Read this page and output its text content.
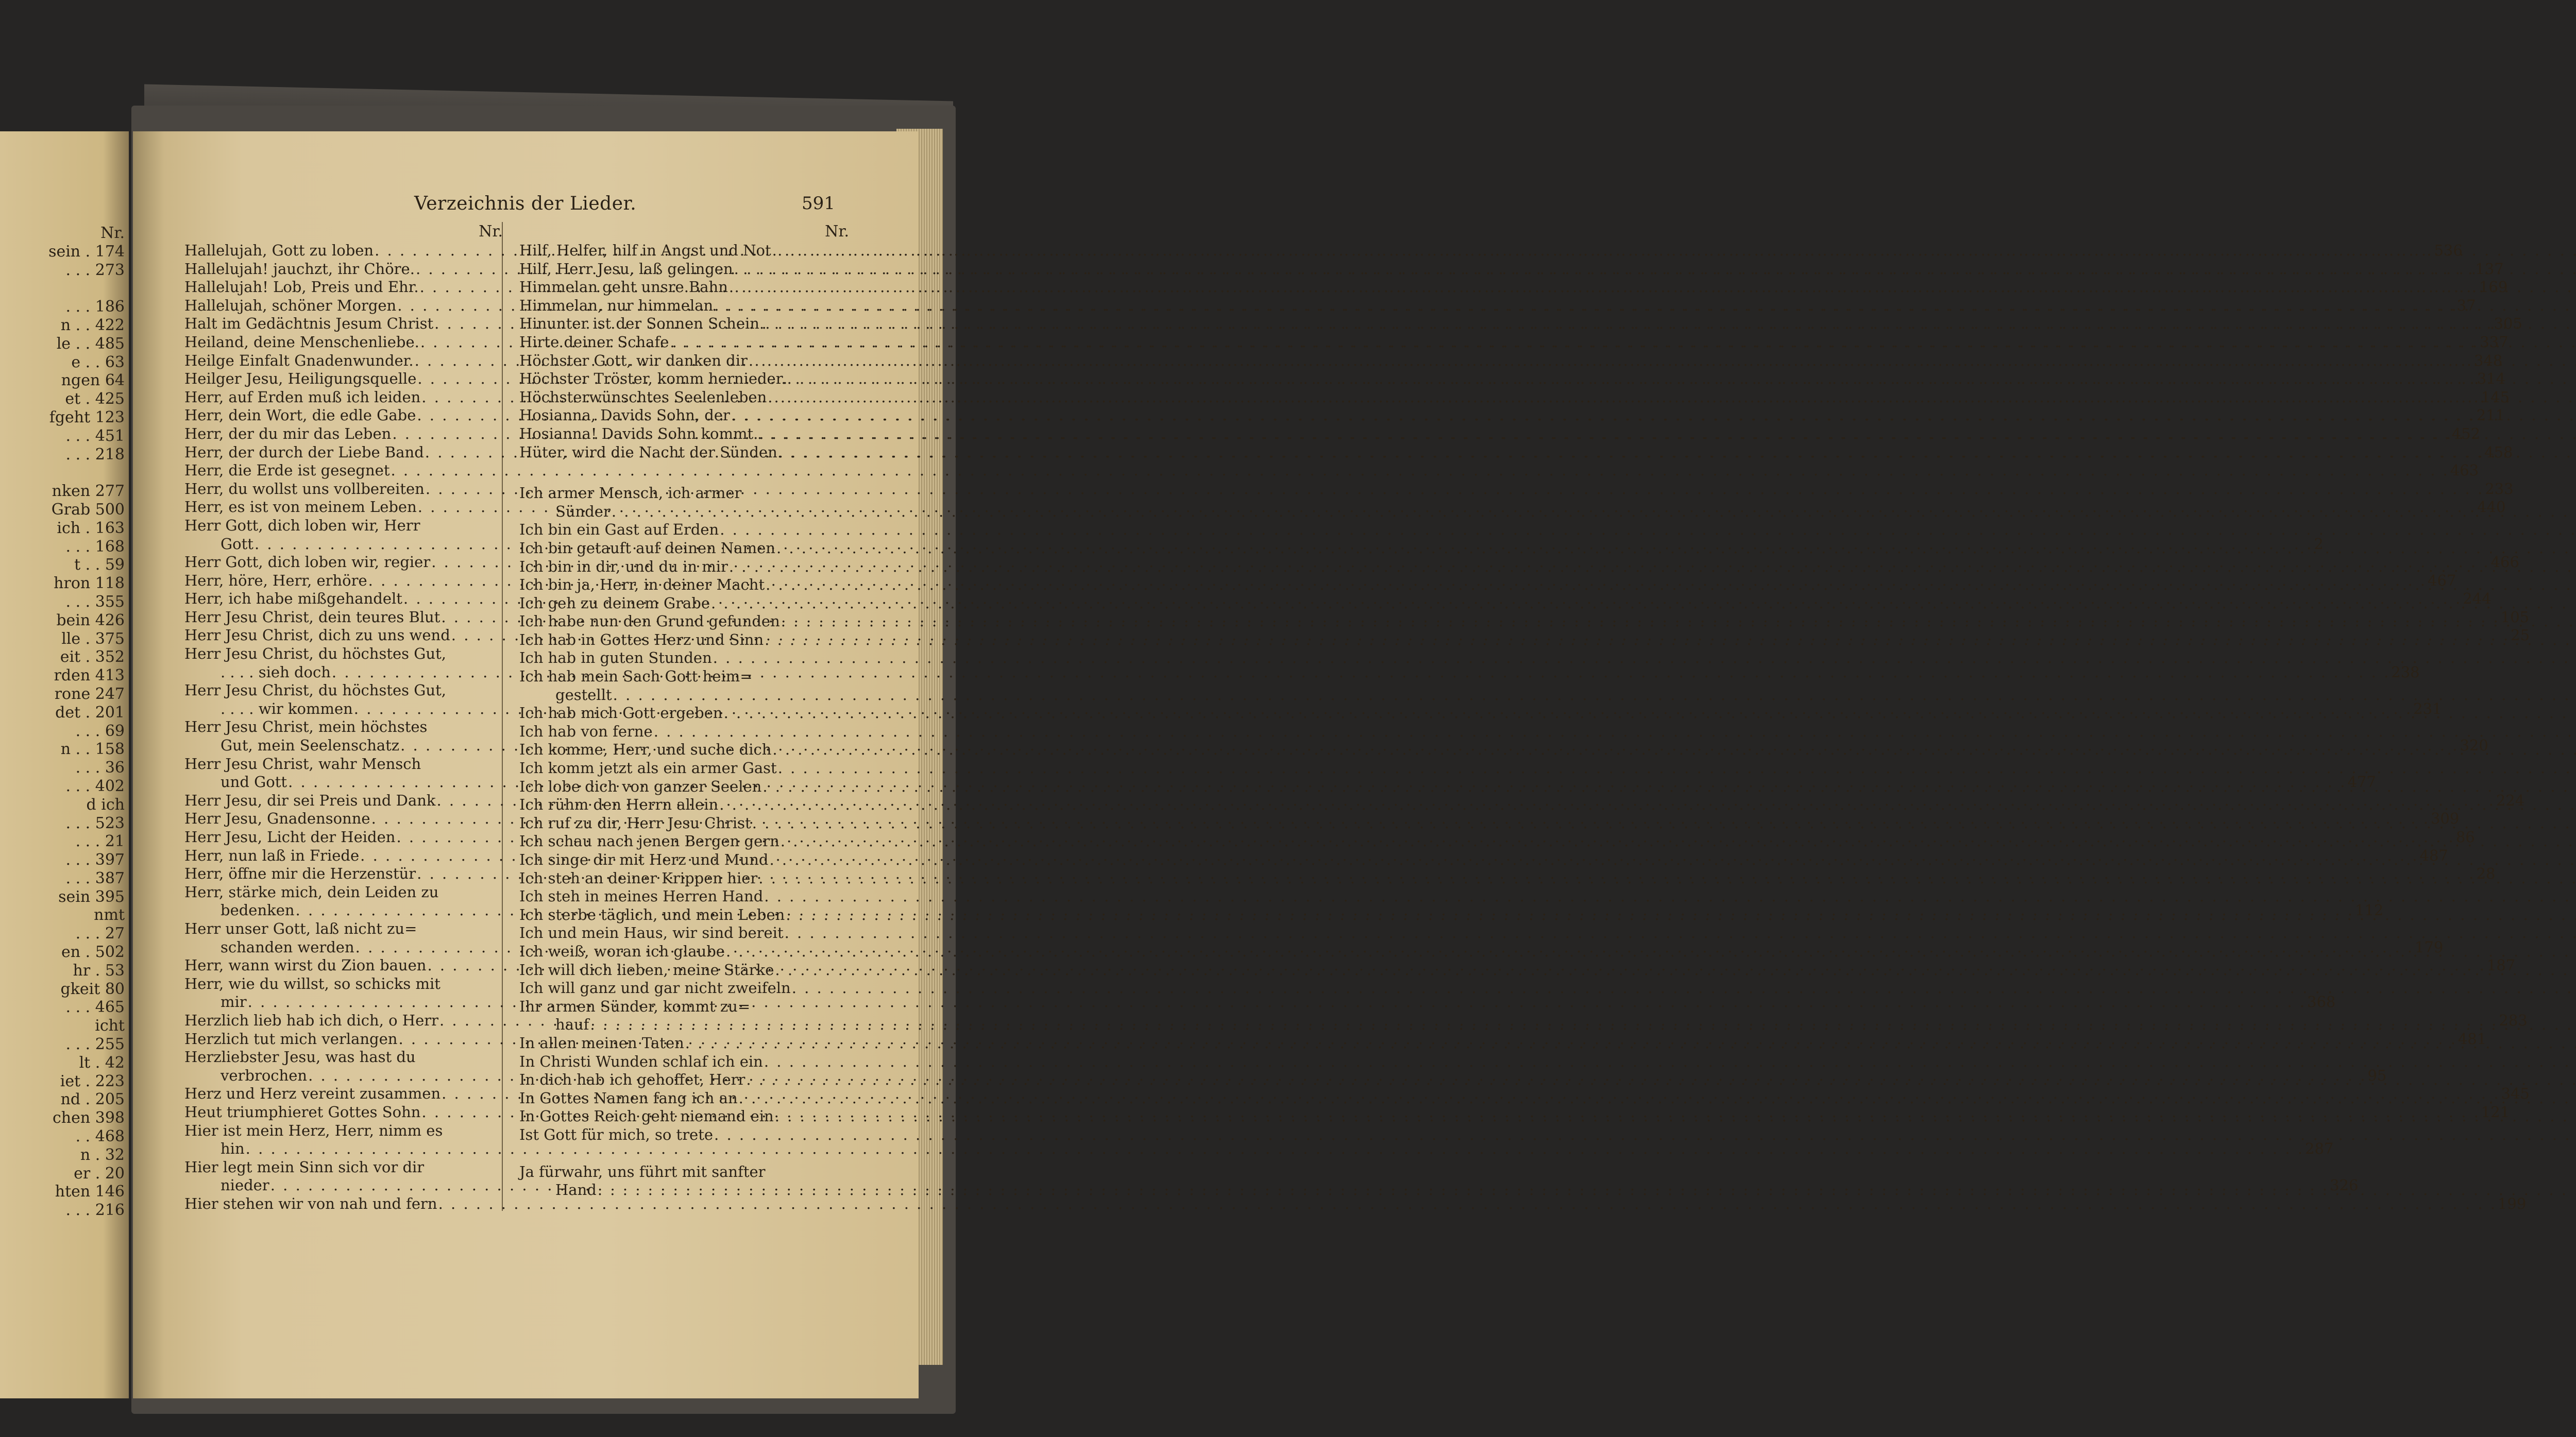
Nr.
sein . 174
. . . 273

. . . 186
n . . 422
le . . 485
e . . 63
ngen 64
et . 425
fgeht 123
. . . 451
. . . 218

nken 277
Grab 500
ich . 163
. . . 168
t . . 59
hron 118
. . . 355
bein 426
lle . 375
eit . 352
rden 413
rone 247
det . 201
. . . 69
n . . 158
. . . 36
. . . 402
d ich
. . . 523
. . . 21
. . . 397
. . . 387
sein 395
nmt
. . . 27
en . 502
hr . 53
gkeit 80
. . . 465
icht
. . . 255
lt . 42
iet . 223
nd . 205
chen 398
. . 468
n . 32
er . 20
hten 146
. . . 216
Verzeichnis der Lieder.	591
Nr.
Hallelujah, Gott zu loben . . .	536
Hallelujah! jauchzt, ihr Chöre. . . .	137
Hallelujah! Lob, Preis und Ehr. . . .	169
Hallelujah, schöner Morgen . . .	37
Halt im Gedächtnis Jesum Christ . . .	305
Heiland, deine Menschenliebe. . . .	337
Heilge Einfalt Gnadenwunder. . . .	348
Heilger Jesu, Heiligungsquelle . . .	314
Herr, auf Erden muß ich leiden . . .	145
Herr, dein Wort, die edle Gabe . . .	211
Herr, der du mir das Leben . . .	452
Herr, der durch der Liebe Band . . .	458
Herr, die Erde ist gesegnet . . .	463
Herr, du wollst uns vollbereiten . . .	233
Herr, es ist von meinem Leben . . .	440
Herr Gott, dich loben wir, Herr
Gott . . .	2
Herr Gott, dich loben wir, regier . . .	466
Herr, höre, Herr, erhöre . . .	467
Herr, ich habe mißgehandelt . . .	244
Herr Jesu Christ, dein teures Blut . . .	105
Herr Jesu Christ, dich zu uns wend . . .	25
Herr Jesu Christ, du höchstes Gut,
. . . . sieh doch . . .	238
Herr Jesu Christ, du höchstes Gut,
. . . . wir kommen . . .	231
Herr Jesu Christ, mein höchstes
Gut, mein Seelenschatz . . .	320
Herr Jesu Christ, wahr Mensch
und Gott . . .	477
Herr Jesu, dir sei Preis und Dank . . .	224
Herr Jesu, Gnadensonne . . .	309
Herr Jesu, Licht der Heiden . . .	86
Herr, nun laß in Friede . . .	487
Herr, öffne mir die Herzenstür . . .	28
Herr, stärke mich, dein Leiden zu
bedenken . . .	112
Herr unser Gott, laß nicht zu=
schanden werden . . .	179
Herr, wann wirst du Zion bauen . . .	187
Herr, wie du willst, so schicks mit
mir . . .	368
Herzlich lieb hab ich dich, o Herr . . .	283
Herzlich tut mich verlangen . . .	481
Herzliebster Jesu, was hast du
verbrochen . . .	95
Herz und Herz vereint zusammen . . .	345
Heut triumphieret Gottes Sohn . . .	121
Hier ist mein Herz, Herr, nimm es
hin . . .	287
Hier legt mein Sinn sich vor dir
nieder . . .	326
Hier stehen wir von nah und fern . . .	199
Nr.
Hilf, Helfer, hilf in Angst und Not
. . .
Hilf, Herr Jesu, laß gelingen
. . .
Himmelan geht unsre Bahn
. . .
Himmelan, nur himmelan
. . .
Hinunter ist der Sonnen Schein.
. . .
Hirte deiner Schafe
. . .
Höchster Gott, wir danken dir
. . .
Höchster Tröster, komm hernieder.
. . .
Höchsterwünschtes Seelenleben
. . .
Hosianna, Davids Sohn, der
. . .
Hosianna! Davids Sohn kommt.
. . .
Hüter, wird die Nacht der Sünden
. . .
Ich armer Mensch, ich armer
Sünder
. . .
Ich bin ein Gast auf Erden
. . .
Ich bin getauft auf deinen Namen
. . .
Ich bin in dir, und du in mir
. . .
Ich bin ja, Herr, in deiner Macht
. . .
Ich geh zu deinem Grabe
. . .
Ich habe nun den Grund gefunden
. . .
Ich hab in Gottes Herz und Sinn
. . .
Ich hab in guten Stunden
. . .
Ich hab mein Sach Gott heim=
gestellt
. . .
Ich hab mich Gott ergeben
. . .
Ich hab von ferne
. . .
Ich komme, Herr, und suche dich
. . .
Ich komm jetzt als ein armer Gast
. . .
Ich lobe dich von ganzer Seelen
. . .
Ich rühm den Herrn allein
. . .
Ich ruf zu dir, Herr Jesu Christ
. . .
Ich schau nach jenen Bergen gern
. . .
Ich singe dir mit Herz und Mund
. . .
Ich steh an deiner Krippen hier
. . .
Ich steh in meines Herren Hand
. . .
Ich sterbe täglich, und mein Leben
. . .
Ich und mein Haus, wir sind bereit
. . .
Ich weiß, woran ich glaube
. . .
Ich will dich lieben, meine Stärke
. . .
Ich will ganz und gar nicht zweifeln
. . .
Ihr armen Sünder, kommt zu=
hauf
. . .
In allen meinen Taten
. . .
In Christi Wunden schlaf ich ein
. . .
In dich hab ich gehoffet, Herr
. . .
In Gottes Namen fang ich an
. . .
In Gottes Reich geht niemand ein
. . .
Ist Gott für mich, so trete
. . .
Ja fürwahr, uns führt mit sanfter
Hand
. . .
